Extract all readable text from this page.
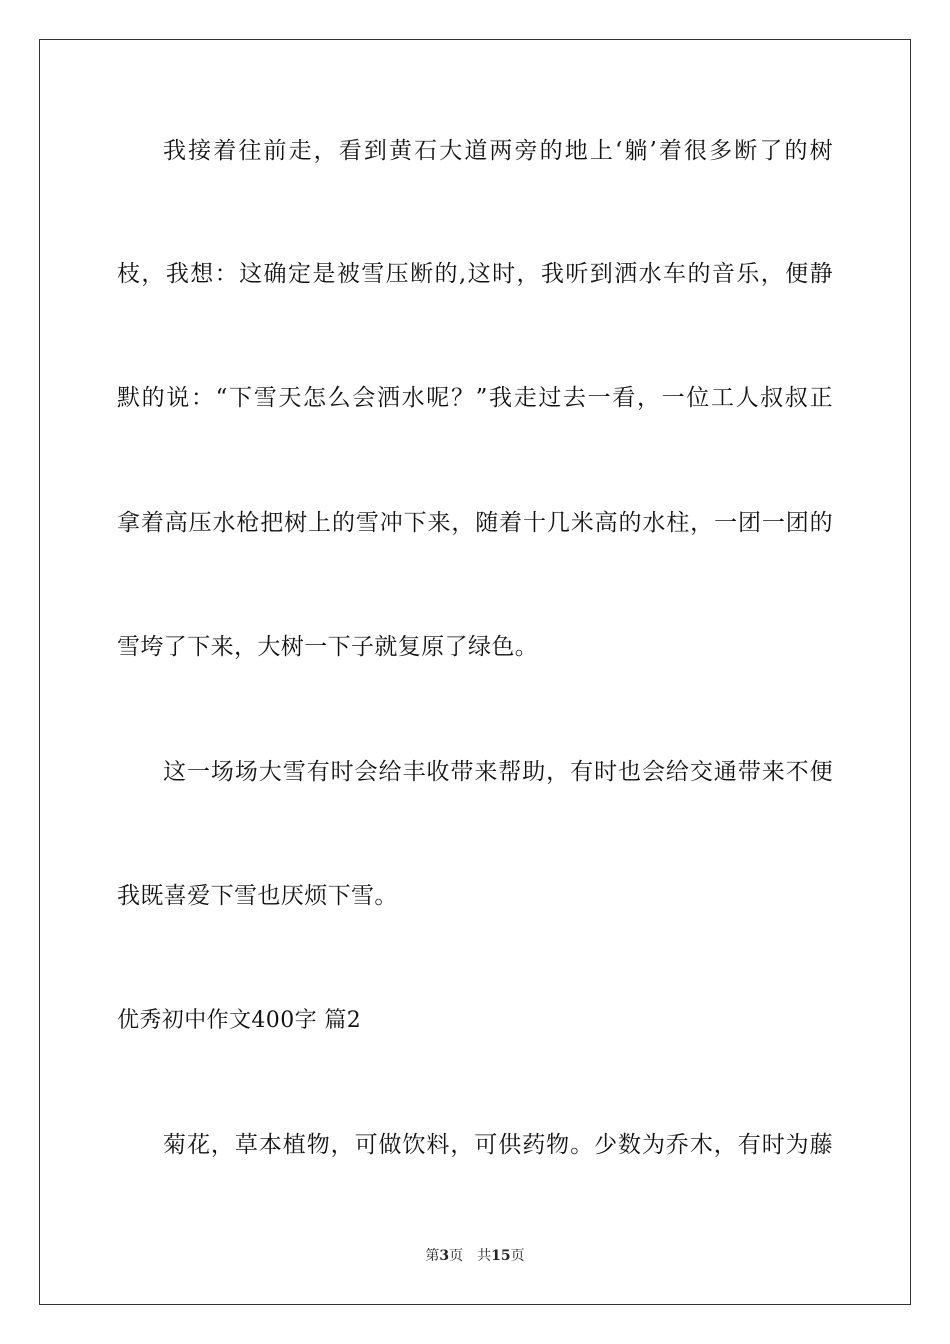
我接着往前走，看到黄石大道两旁的地上‘躺’着很多断了的树
枝，我想：这确定是被雪压断的,这时，我听到洒水车的音乐，便静
默的说：“下雪天怎么会洒水呢？”我走过去一看，一位工人叔叔正
拿着高压水枪把树上的雪冲下来，随着十几米高的水柱，一团一团的
雪垮了下来，大树一下子就复原了绿色。
这一场场大雪有时会给丰收带来帮助，有时也会给交通带来不便
我既喜爱下雪也厌烦下雪。
优秀初中作文400字 篇2
菊花，草本植物，可做饮料，可供药物。少数为乔木，有时为藤
第3页 共15页
